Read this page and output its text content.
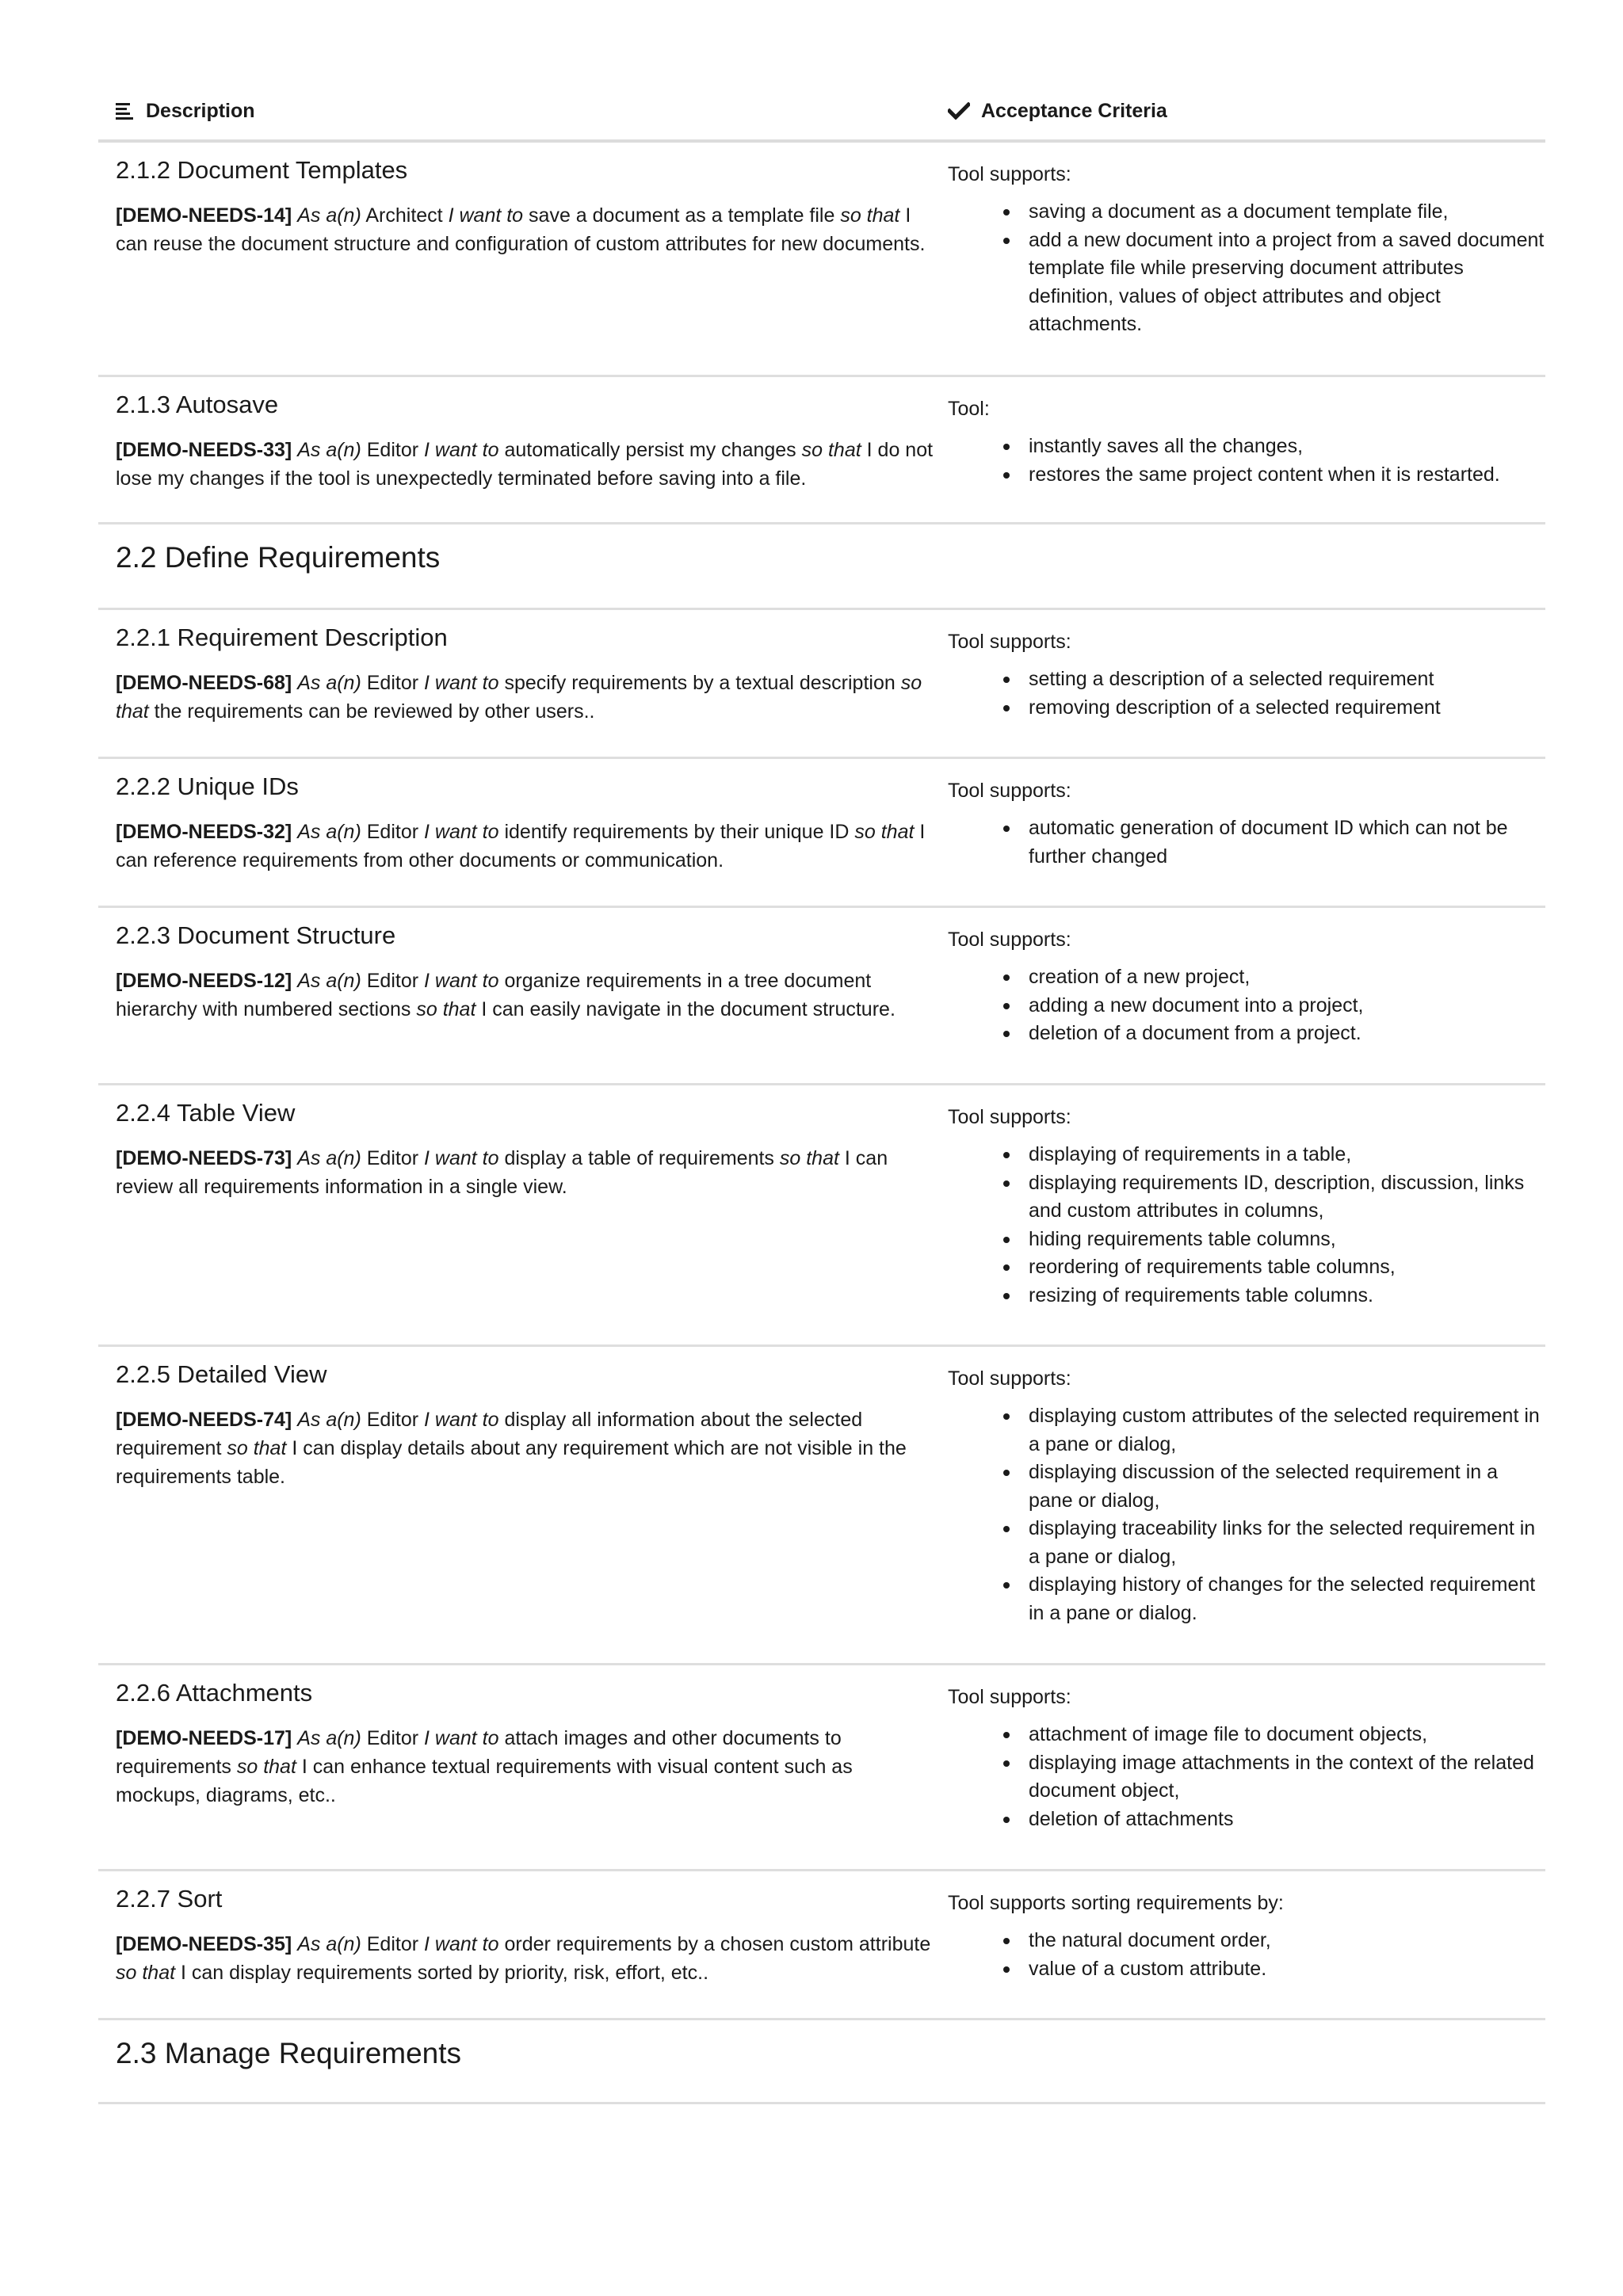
Description	Acceptance Criteria
2.1.2 Document Templates

[DEMO-NEEDS-14] As a(n) Architect I want to save a document as a template file so that I can reuse the document structure and configuration of custom attributes for new documents.

Tool supports:

saving a document as a document template file,
add a new document into a project from a saved document template file while preserving document attributes definition, values of object attributes and object attachments.
2.1.3 Autosave

[DEMO-NEEDS-33] As a(n) Editor I want to automatically persist my changes so that I do not lose my changes if the tool is unexpectedly terminated before saving into a file.

Tool:

instantly saves all the changes,
restores the same project content when it is restarted.
2.2 Define Requirements
2.2.1 Requirement Description

[DEMO-NEEDS-68] As a(n) Editor I want to specify requirements by a textual description so that the requirements can be reviewed by other users..

Tool supports:

setting a description of a selected requirement
removing description of a selected requirement
2.2.2 Unique IDs

[DEMO-NEEDS-32] As a(n) Editor I want to identify requirements by their unique ID so that I can reference requirements from other documents or communication.

Tool supports:

automatic generation of document ID which can not be further changed
2.2.3 Document Structure

[DEMO-NEEDS-12] As a(n) Editor I want to organize requirements in a tree document hierarchy with numbered sections so that I can easily navigate in the document structure.

Tool supports:

creation of a new project,
adding a new document into a project,
deletion of a document from a project.
2.2.4 Table View

[DEMO-NEEDS-73] As a(n) Editor I want to display a table of requirements so that I can review all requirements information in a single view.

Tool supports:

displaying of requirements in a table,
displaying requirements ID, description, discussion, links and custom attributes in columns,
hiding requirements table columns,
reordering of requirements table columns,
resizing of requirements table columns.
2.2.5 Detailed View

[DEMO-NEEDS-74] As a(n) Editor I want to display all information about the selected requirement so that I can display details about any requirement which are not visible in the requirements table.

Tool supports:

displaying custom attributes of the selected requirement in a pane or dialog,
displaying discussion of the selected requirement in a pane or dialog,
displaying traceability links for the selected requirement in a pane or dialog,
displaying history of changes for the selected requirement in a pane or dialog.
2.2.6 Attachments

[DEMO-NEEDS-17] As a(n) Editor I want to attach images and other documents to requirements so that I can enhance textual requirements with visual content such as mockups, diagrams, etc..

Tool supports:

attachment of image file to document objects,
displaying image attachments in the context of the related document object,
deletion of attachments
2.2.7 Sort

[DEMO-NEEDS-35] As a(n) Editor I want to order requirements by a chosen custom attribute so that I can display requirements sorted by priority, risk, effort, etc..

Tool supports sorting requirements by:

the natural document order,
value of a custom attribute.
2.3 Manage Requirements
